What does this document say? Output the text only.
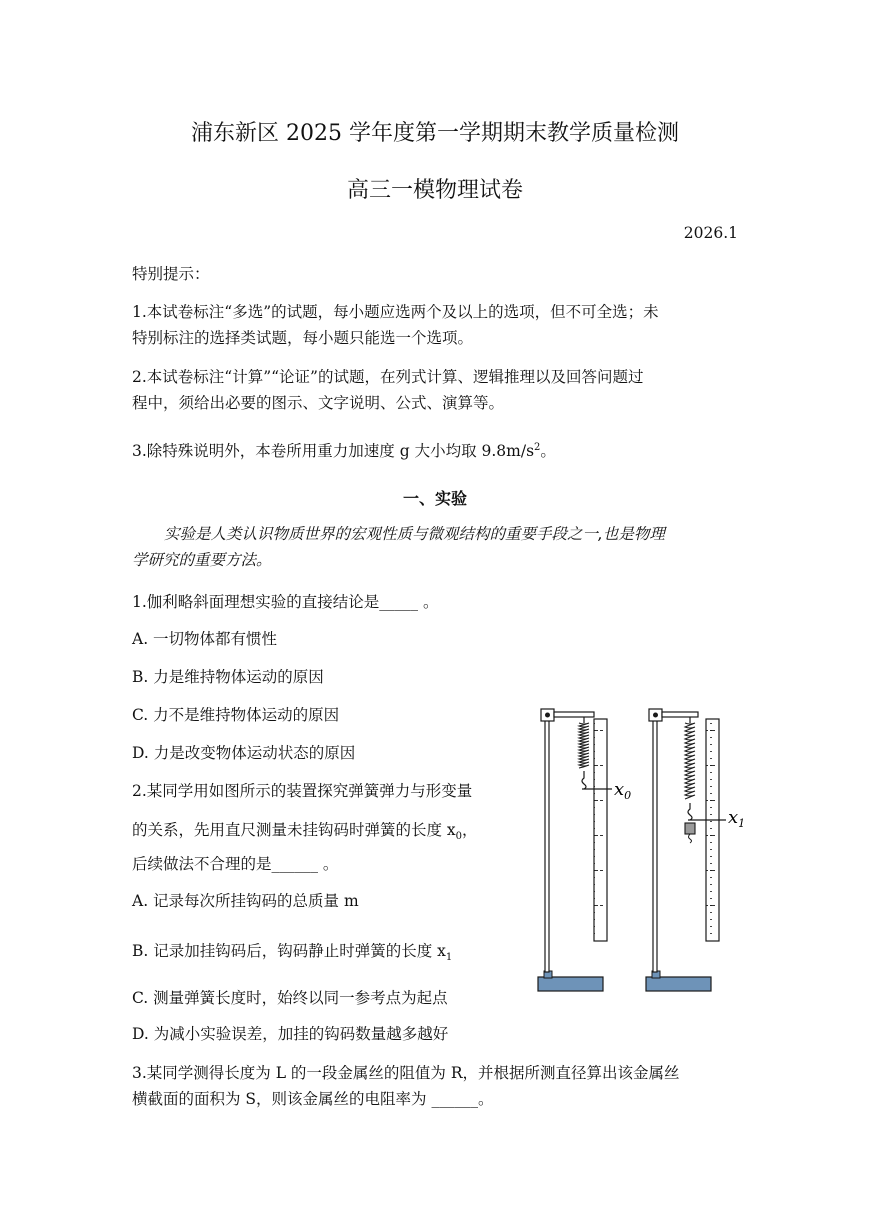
浦东新区 2025 学年度第一学期期末教学质量检测
高三一模物理试卷
2026.1
特别提示：
1.本试卷标注“多选”的试题，每小题应选两个及以上的选项，但不可全选；未
特别标注的选择类试题，每小题只能选一个选项。
2.本试卷标注“计算”“论证”的试题，在列式计算、逻辑推理以及回答问题过
程中，须给出必要的图示、文字说明、公式、演算等。
3.除特殊说明外，本卷所用重力加速度 g 大小均取 $9.8m/s^2$。
一、实验
实验是人类认识物质世界的宏观性质与微观结构的重要手段之一,也是物理
学研究的重要方法。
1.伽利略斜面理想实验的直接结论是_____ 。
A. 一切物体都有惯性
B. 力是维持物体运动的原因
C. 力不是维持物体运动的原因
D. 力是改变物体运动状态的原因
2.某同学用如图所示的装置探究弹簧弹力与形变量
的关系，先用直尺测量未挂钩码时弹簧的长度 $x_0$，
后续做法不合理的是______ 。
A. 记录每次所挂钩码的总质量 m
B. 记录加挂钩码后，钩码静止时弹簧的长度 $x_1$
C. 测量弹簧长度时，始终以同一参考点为起点
D. 为减小实验误差，加挂的钩码数量越多越好
$x_0$
$x_1$
3.某同学测得长度为 L 的一段金属丝的阻值为 R，并根据所测直径算出该金属丝
横截面的面积为 S，则该金属丝的电阻率为 ______。
